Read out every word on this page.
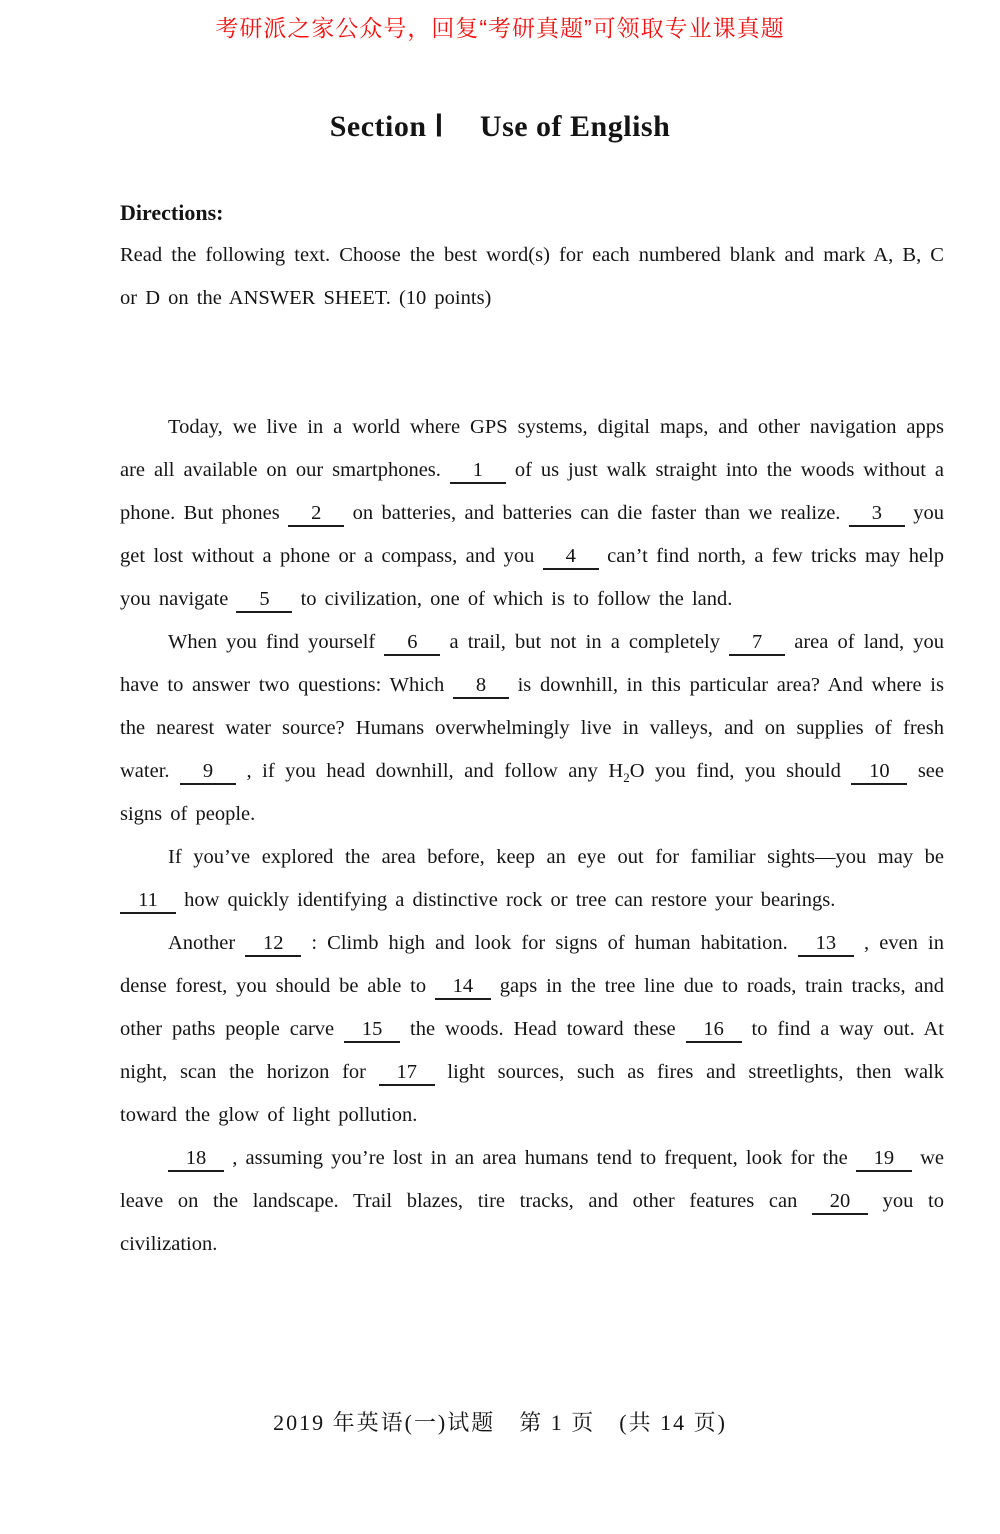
考研派之家公众号，回复“考研真题”可领取专业课真题
Section Ⅰ Use of English
Directions:
Read the following text. Choose the best word(s) for each numbered blank and mark A, B, C or D on the ANSWER SHEET. (10 points)

Today, we live in a world where GPS systems, digital maps, and other navigation apps are all available on our smartphones. 1 of us just walk straight into the woods without a phone. But phones 2 on batteries, and batteries can die faster than we realize. 3 you get lost without a phone or a compass, and you 4 can’t find north, a few tricks may help you navigate 5 to civilization, one of which is to follow the land.

When you find yourself 6 a trail, but not in a completely 7 area of land, you have to answer two questions: Which 8 is downhill, in this particular area? And where is the nearest water source? Humans overwhelmingly live in valleys, and on supplies of fresh water. 9 , if you head downhill, and follow any $H_2O$ you find, you should 10 see signs of people.

If you’ve explored the area before, keep an eye out for familiar sights—you may be 11 how quickly identifying a distinctive rock or tree can restore your bearings.

Another 12 : Climb high and look for signs of human habitation. 13 , even in dense forest, you should be able to 14 gaps in the tree line due to roads, train tracks, and other paths people carve 15 the woods. Head toward these 16 to find a way out. At night, scan the horizon for 17 light sources, such as fires and streetlights, then walk toward the glow of light pollution.

18 , assuming you’re lost in an area humans tend to frequent, look for the 19 we leave on the landscape. Trail blazes, tire tracks, and other features can 20 you to civilization.

2019 年英语(一)试题　第 1 页　(共 14 页)
